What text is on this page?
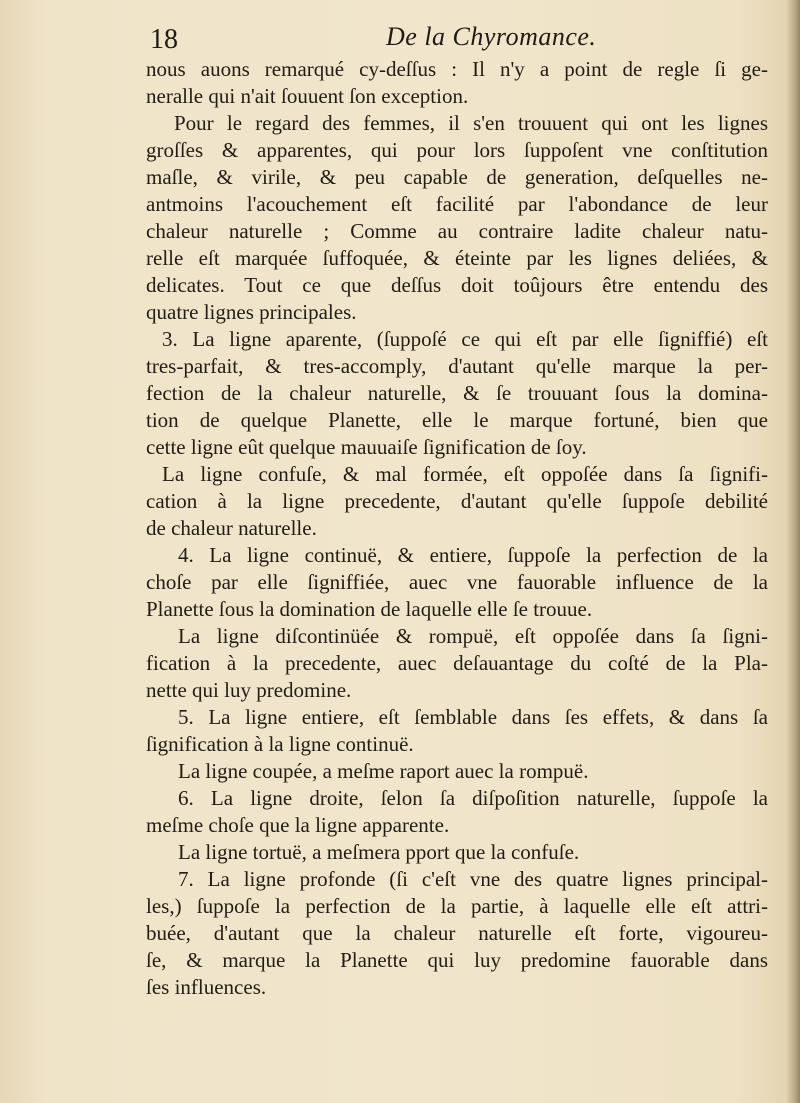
18	De la Chyromance.
nous auons remarqué cy-deſſus : Il n'y a point de regle ſi ge-
neralle qui n'ait ſouuent ſon exception.
Pour le regard des femmes, il s'en trouuent qui ont les lignes
groſſes & apparentes, qui pour lors ſuppoſent vne conſtitution
maſle, & virile, & peu capable de generation, deſquelles ne-
antmoins l'acouchement eſt facilité par l'abondance de leur
chaleur naturelle ; Comme au contraire ladite chaleur natu-
relle eſt marquée ſuffoquée, & éteinte par les lignes deliées, &
delicates. Tout ce que deſſus doit toûjours être entendu des
quatre lignes principales.
3. La ligne aparente, (ſuppoſé ce qui eſt par elle ſigniffié) eſt
tres-parfait, & tres-accomply, d'autant qu'elle marque la per-
fection de la chaleur naturelle, & ſe trouuant ſous la domina-
tion de quelque Planette, elle le marque fortuné, bien que
cette ligne eût quelque mauuaiſe ſignification de ſoy.
La ligne confuſe, & mal formée, eſt oppoſée dans ſa ſignifi-
cation à la ligne precedente, d'autant qu'elle ſuppoſe debilité
de chaleur naturelle.
4. La ligne continuë, & entiere, ſuppoſe la perfection de la
choſe par elle ſigniffiée, auec vne fauorable influence de la
Planette ſous la domination de laquelle elle ſe trouue.
La ligne diſcontinüée & rompuë, eſt oppoſée dans ſa ſigni-
fication à la precedente, auec deſauantage du coſté de la Pla-
nette qui luy predomine.
5. La ligne entiere, eſt ſemblable dans ſes effets, & dans ſa
ſignification à la ligne continuë.
La ligne coupée, a meſme raport auec la rompuë.
6. La ligne droite, ſelon ſa diſpoſition naturelle, ſuppoſe la
meſme choſe que la ligne apparente.
La ligne tortuë, a meſmera pport que la confuſe.
7. La ligne profonde (ſi c'eſt vne des quatre lignes principal-
les,) ſuppoſe la perfection de la partie, à laquelle elle eſt attri-
buée, d'autant que la chaleur naturelle eſt forte, vigoureu-
ſe, & marque la Planette qui luy predomine fauorable dans
ſes influences.
